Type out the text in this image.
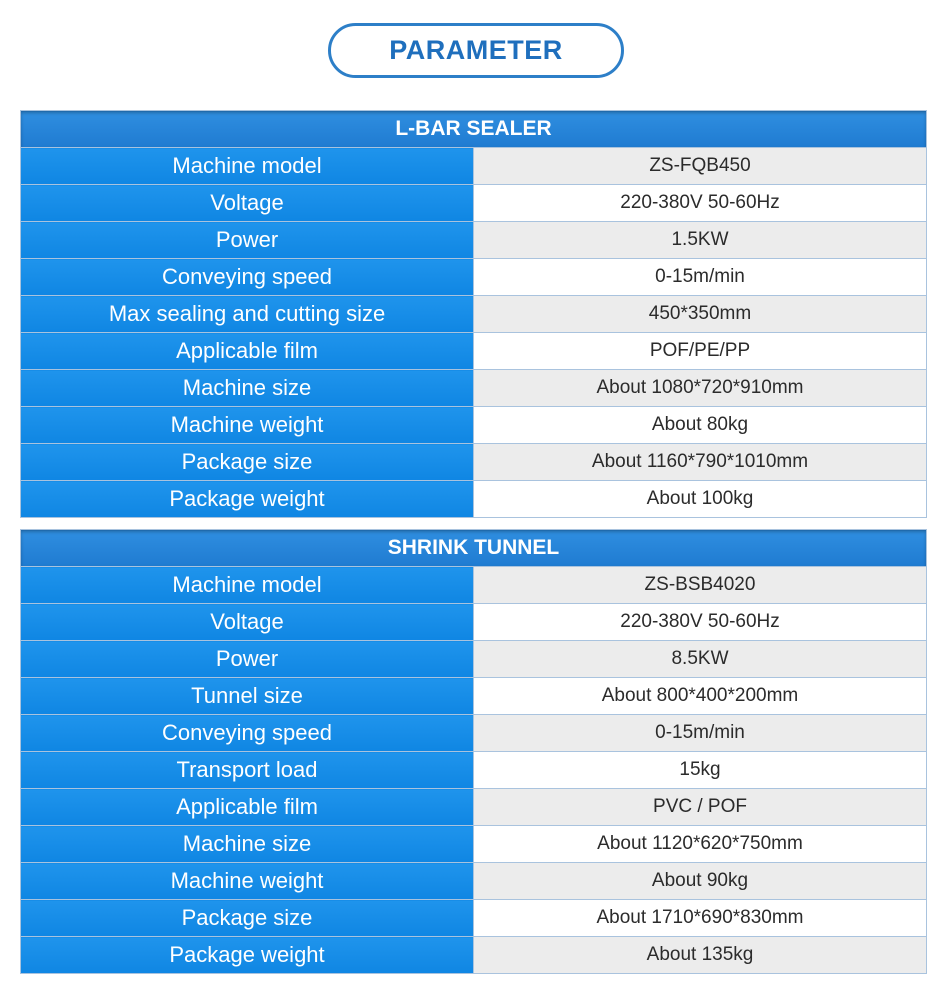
PARAMETER
L-BAR SEALER	
Machine model	ZS-FQB450
Voltage	220-380V 50-60Hz
Power	1.5KW
Conveying speed	0-15m/min
Max sealing and cutting size	450*350mm
Applicable film	POF/PE/PP
Machine size	About 1080*720*910mm
Machine weight	About 80kg
Package size	About 1160*790*1010mm
Package weight	About 100kg
SHRINK TUNNEL	
Machine model	ZS-BSB4020
Voltage	220-380V 50-60Hz
Power	8.5KW
Tunnel size	About 800*400*200mm
Conveying speed	0-15m/min
Transport load	15kg
Applicable film	PVC / POF
Machine size	About 1120*620*750mm
Machine weight	About 90kg
Package size	About 1710*690*830mm
Package weight	About 135kg
